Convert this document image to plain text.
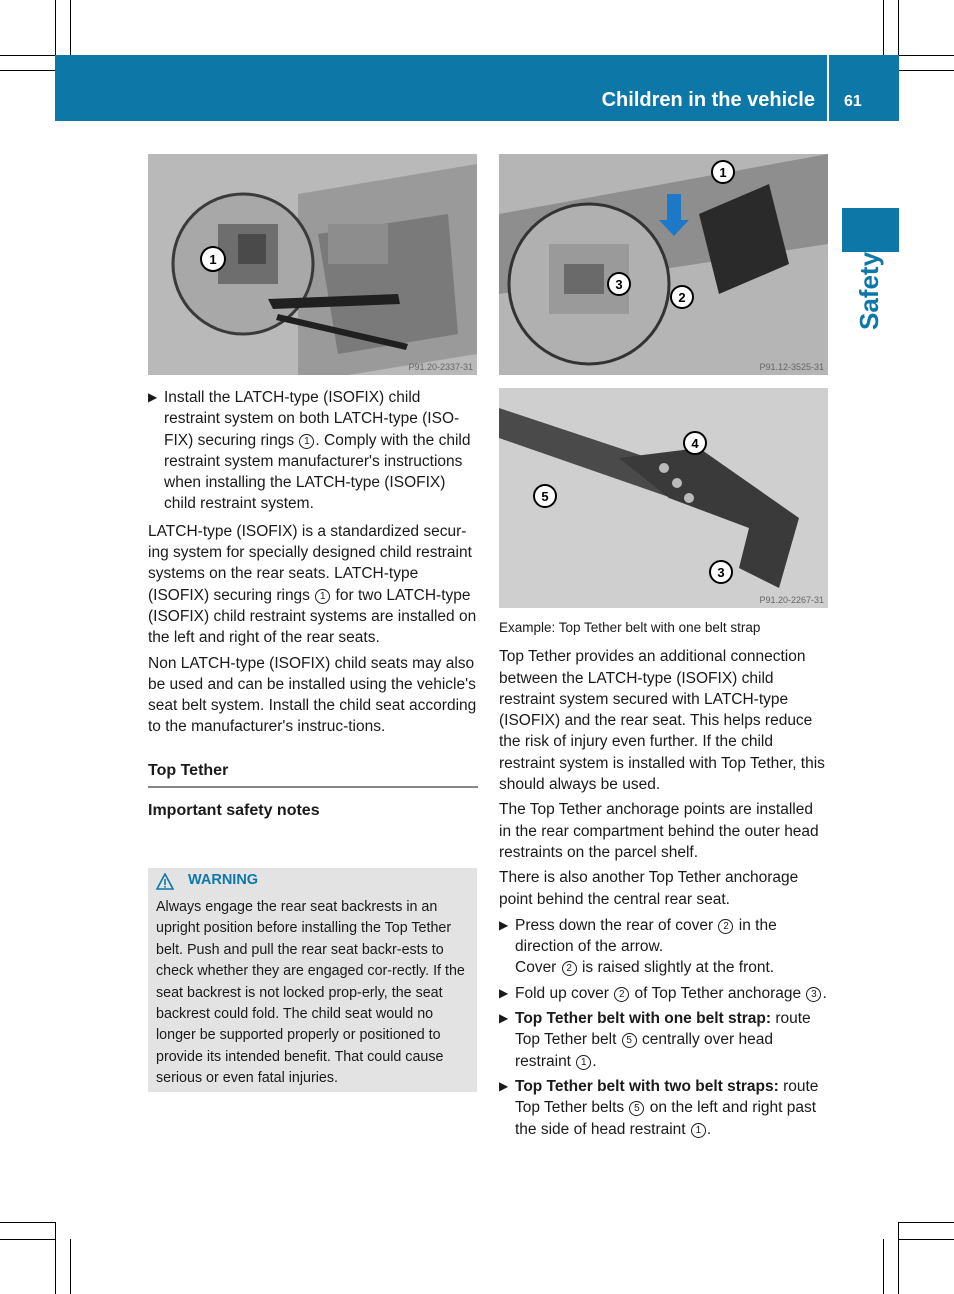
Children in the vehicle 61
Safety
1
P91.20-2337-31
1
2
3
P91.12-3525-31
4
5
3
P91.20-2267-31

▶ Install the LATCH-type (ISOFIX) child restraint system on both LATCH-type (ISO-FIX) securing rings 1 . Comply with the child restraint system manufacturer's instructions when installing the LATCH-type (ISOFIX) child restraint system.

LATCH-type (ISOFIX) is a standardized secur-ing system for specially designed child restraint systems on the rear seats. LATCH-type (ISOFIX) securing rings 1 for two LATCH-type (ISOFIX) child restraint systems are installed on the left and right of the rear seats.

Non LATCH-type (ISOFIX) child seats may also be used and can be installed using the vehicle's seat belt system. Install the child seat according to the manufacturer's instruc-tions.

Top Tether

Important safety notes

WARNING
Always engage the rear seat backrests in an upright position before installing the Top Tether belt. Push and pull the rear seat backr-ests to check whether they are engaged cor-rectly. If the seat backrest is not locked prop-erly, the seat backrest could fold. The child seat would no longer be supported properly or positioned to provide its intended benefit. That could cause serious or even fatal injuries.

Example: Top Tether belt with one belt strap

Top Tether provides an additional connection between the LATCH-type (ISOFIX) child restraint system secured with LATCH-type (ISOFIX) and the rear seat. This helps reduce the risk of injury even further. If the child restraint system is installed with Top Tether, this should always be used.

The Top Tether anchorage points are installed in the rear compartment behind the outer head restraints on the parcel shelf.

There is also another Top Tether anchorage point behind the central rear seat.

▶ Press down the rear of cover 2 in the direction of the arrow.
Cover 2 is raised slightly at the front.

▶ Fold up cover 2 of Top Tether anchorage 3 .

▶ Top Tether belt with one belt strap: route Top Tether belt 5 centrally over head restraint 1 .

▶ Top Tether belt with two belt straps: route Top Tether belts 5 on the left and right past the side of head restraint 1 .
